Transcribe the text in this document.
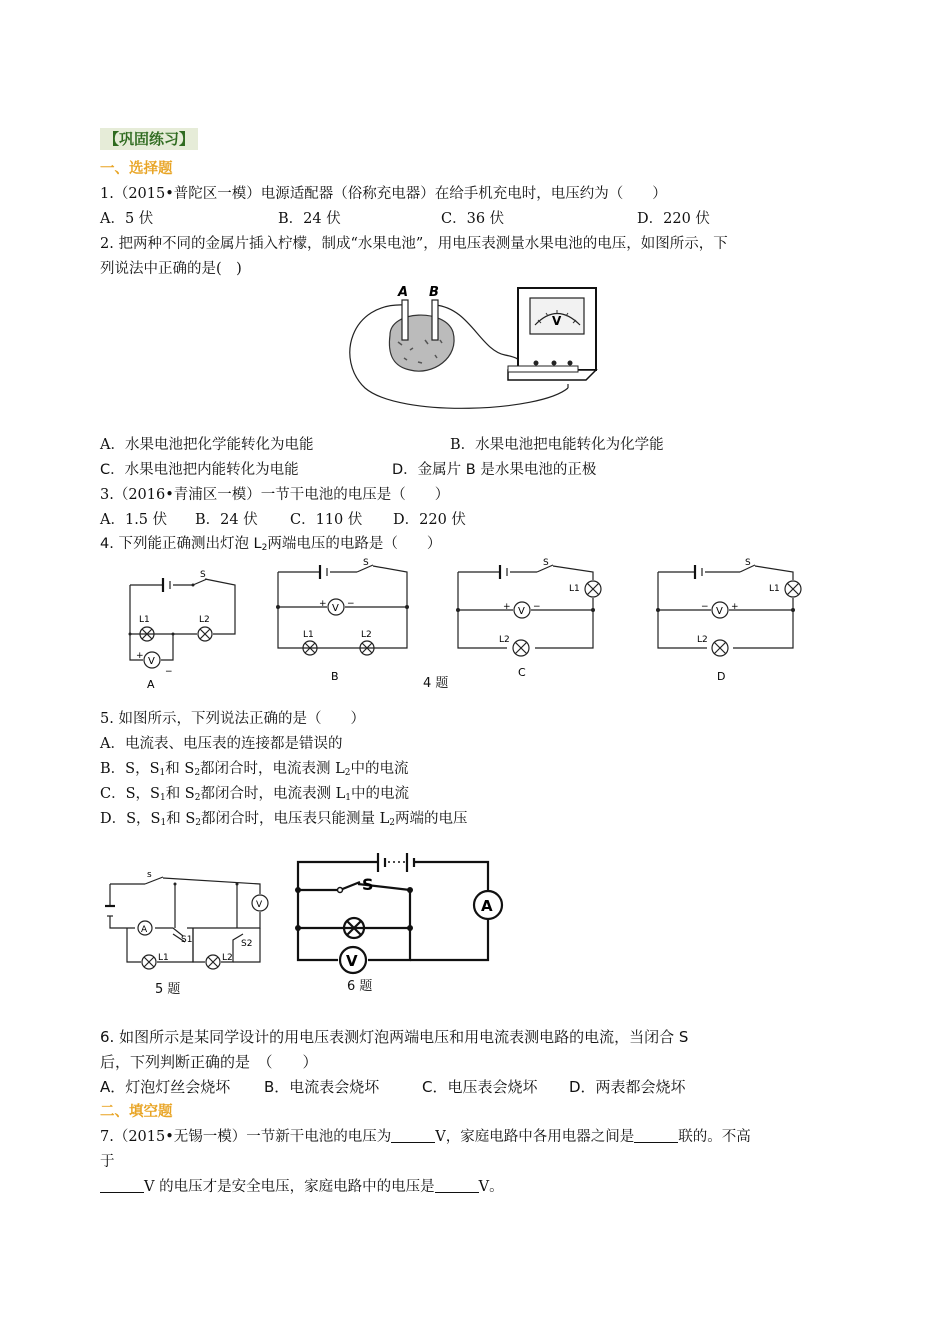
【巩固练习】
一、选择题
1.（2015•普陀区一模）电源适配器（俗称充电器）在给手机充电时，电压约为（　　）
A．5 伏	B．24 伏	C．36 伏	D．220 伏
2. 把两种不同的金属片插入柠檬，制成“水果电池”，用电压表测量水果电池的电压，如图所示，下
列说法中正确的是(　)
A B
V
A．水果电池把化学能转化为电能	B．水果电池把电能转化为化学能
C．水果电池把内能转化为电能	D．金属片 B 是水果电池的正极
3.（2016•青浦区一模）一节干电池的电压是（　　）
A．1.5 伏 B．24 伏 C．110 伏 D．220 伏
4. 下列能正确测出灯泡 $L_2$两端电压的电路是（　　）
S
L1	L2
V
+
−
A
S
V
+ −
L1	L2
B	4 题
S
L1
V
+ −
L2
C
S
L1
V
− +
L2
D
5. 如图所示，下列说法正确的是（　　）
A．电流表、电压表的连接都是错误的
B．S，$S_1$和 $S_2$都闭合时，电流表测 $L_2$中的电流
C．S，$S_1$和 $S_2$都闭合时，电流表测 $L_1$中的电流
D．S，$S_1$和 $S_2$都闭合时，电压表只能测量 $L_2$两端的电压
s
V
A
S1
L1	L2
S2
5 题
S
V
A
6 题
6. 如图所示是某同学设计的用电压表测灯泡两端电压和用电流表测电路的电流，当闭合 S
后，下列判断正确的是　（　　）
A．灯泡灯丝会烧坏 B．电流表会烧坏	C．电压表会烧坏 D．两表都会烧坏
二、填空题
7.（2015•无锡一模）一节新干电池的电压为	V，家庭电路中各用电器之间是	联的。不高
于
V 的电压才是安全电压，家庭电路中的电压是	V。
